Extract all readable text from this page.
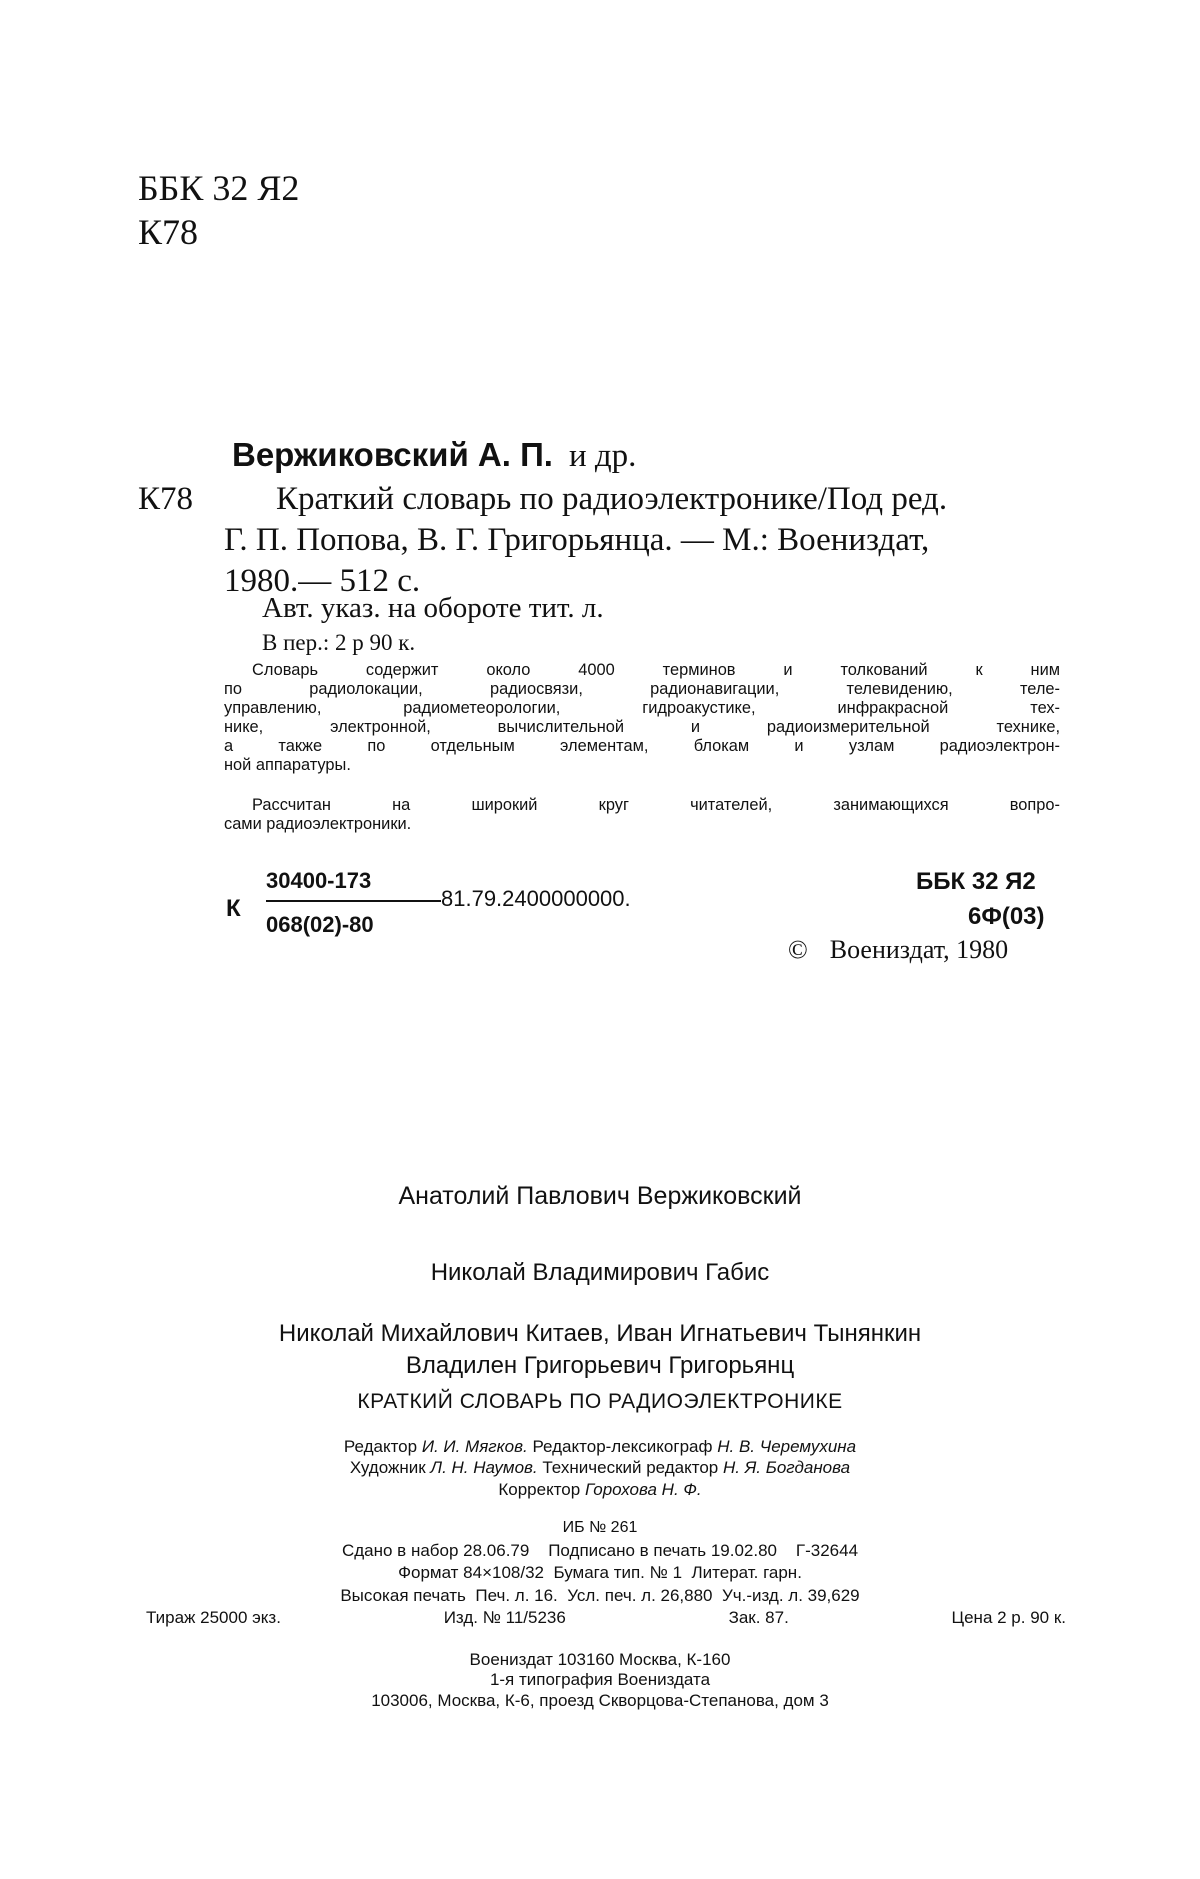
ББК 32 Я2
К78
Вержиковский А. П. и др.
К78	Краткий словарь по радиоэлектронике/Под ред.
Г. П. Попова, В. Г. Григорьянца. — М.: Воениздат,
1980.— 512 с.
Авт. указ. на обороте тит. л.
В пер.: 2 р 90 к.
Словарь содержит около 4000 терминов и толкований к ним
по радиолокации, радиосвязи, радионавигации, телевидению, теле-
управлению, радиометеорологии, гидроакустике, инфракрасной тех-
нике, электронной, вычислительной и радиоизмерительной технике,
а также по отдельным элементам, блокам и узлам радиоэлектрон-
ной аппаратуры.
Рассчитан на широкий круг читателей, занимающихся вопро-
сами радиоэлектроники.
К
30400-173
068(02)-80
81.79.2400000000.
ББК 32 Я2
6Ф(03)
© Воениздат, 1980
Анатолий Павлович Вержиковский
Николай Владимирович Габис
Николай Михайлович Китаев, Иван Игнатьевич Тынянкин
Владилен Григорьевич Григорьянц
КРАТКИЙ СЛОВАРЬ ПО РАДИОЭЛЕКТРОНИКЕ
Редактор И. И. Мягков. Редактор-лексикограф Н. В. Черемухина
Художник Л. Н. Наумов. Технический редактор Н. Я. Богданова
Корректор Горохова Н. Ф.
ИБ № 261
Сдано в набор 28.06.79    Подписано в печать 19.02.80    Г-32644
Формат 84×108/32  Бумага тип. № 1  Литерат. гарн.
Высокая печать  Печ. л. 16.  Усл. печ. л. 26,880  Уч.-изд. л. 39,629
Тираж 25000 экз.	Изд. № 11/5236	Зак. 87.	Цена 2 р. 90 к.
Воениздат 103160 Москва, К-160
1-я типография Воениздата
103006, Москва, К-6, проезд Скворцова-Степанова, дом 3
